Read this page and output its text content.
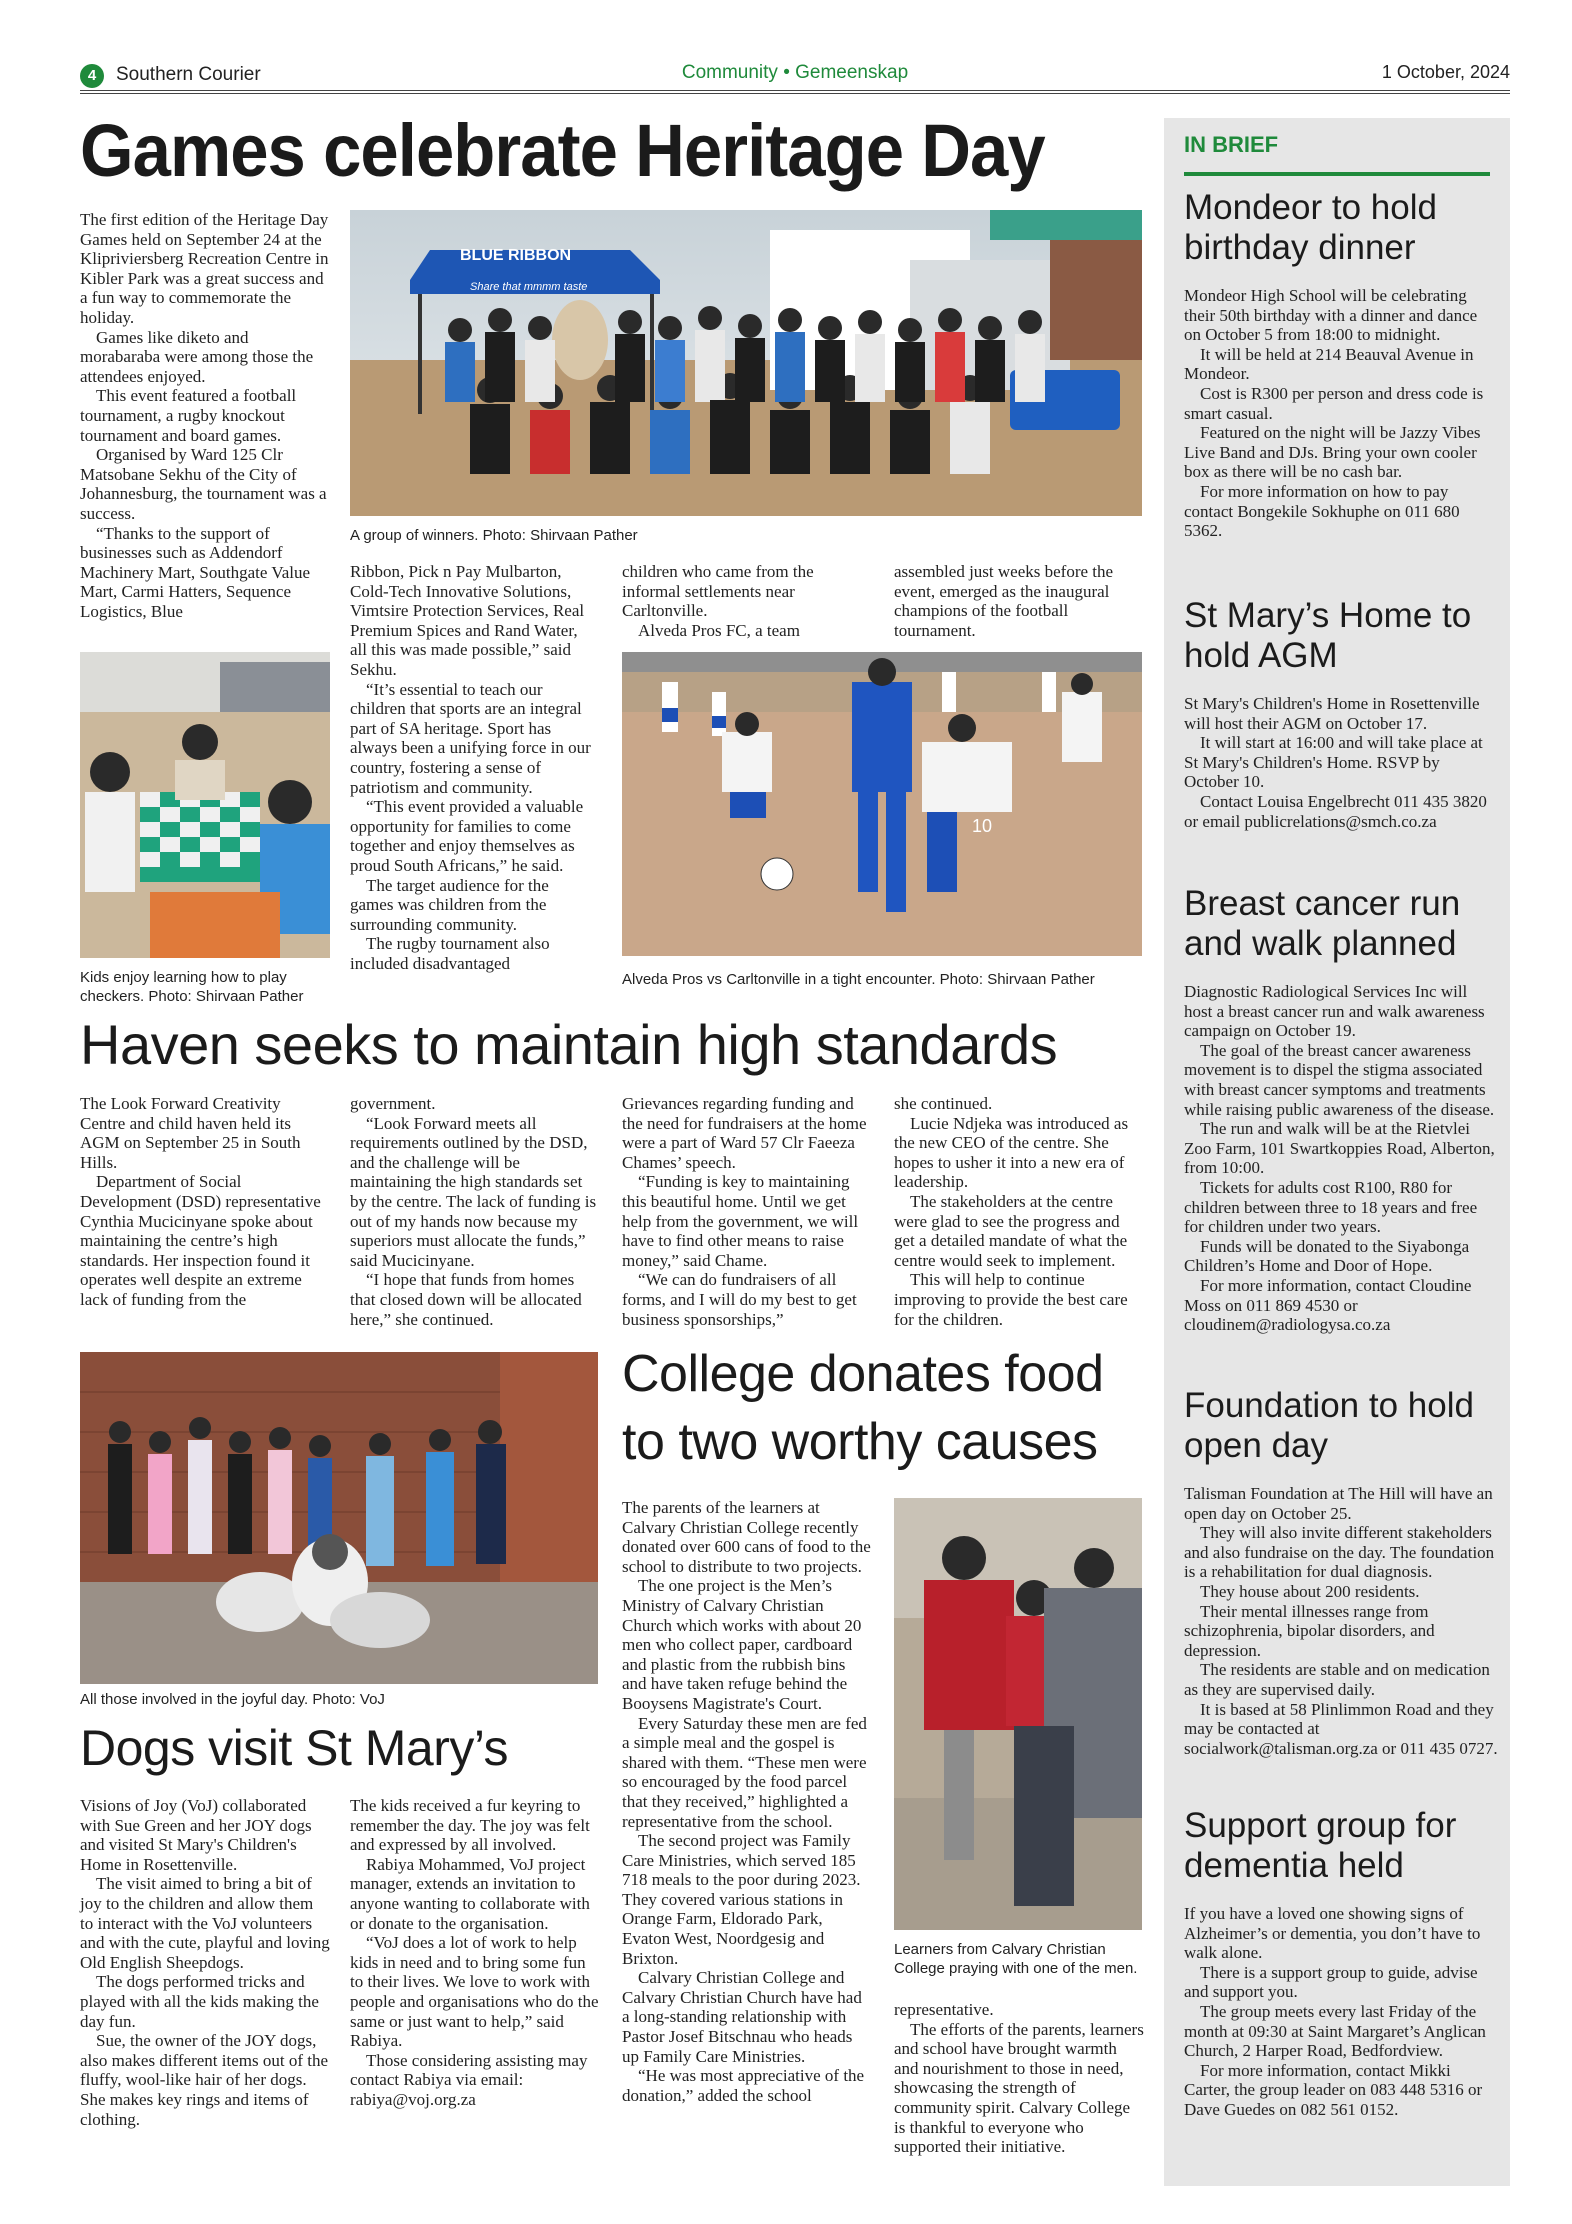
4	Southern Courier	Community • Gemeenskap	1 October, 2024
Games celebrate Heritage Day

The first edition of the Heritage Day Games held on September 24 at the Klipriviersberg Recreation Centre in Kibler Park was a great success and a fun way to commemorate the holiday.

Games like diketo and morabaraba were among those the attendees enjoyed.

This event featured a football tournament, a rugby knockout tournament and board games.

Organised by Ward 125 Clr Matsobane Sekhu of the City of Johannesburg, the tournament was a success.

“Thanks to the support of businesses such as Addendorf Machinery Mart, Southgate Value Mart, Carmi Hatters, Sequence Logistics, Blue

BLUE RIBBON
Share that mmmm taste
A group of winners. Photo: Shirvaan Pather
Kids enjoy learning how to play checkers. Photo: Shirvaan Pather

Ribbon, Pick n Pay Mulbarton, Cold-Tech Innovative Solutions, Vimtsire Protection Services, Real Premium Spices and Rand Water, all this was made possible,” said Sekhu.

“It’s essential to teach our children that sports are an integral part of SA heritage. Sport has always been a unifying force in our country, fostering a sense of patriotism and community.

“This event provided a valuable opportunity for families to come together and enjoy themselves as proud South Africans,” he said.

The target audience for the games was children from the surrounding community.

The rugby tournament also included disadvantaged

children who came from the informal settlements near Carltonville.

Alveda Pros FC, a team

assembled just weeks before the event, emerged as the inaugural champions of the football tournament.

10
Alveda Pros vs Carltonville in a tight encounter. Photo: Shirvaan Pather
Haven seeks to maintain high standards

The Look Forward Creativity Centre and child haven held its AGM on September 25 in South Hills.

Department of Social Development (DSD) representative Cynthia Mucicinyane spoke about maintaining the centre’s high standards. Her inspection found it operates well despite an extreme lack of funding from the

government.

“Look Forward meets all requirements outlined by the DSD, and the challenge will be maintaining the high standards set by the centre. The lack of funding is out of my hands now because my superiors must allocate the funds,” said Mucicinyane.

“I hope that funds from homes that closed down will be allocated here,” she continued.

Grievances regarding funding and the need for fundraisers at the home were a part of Ward 57 Clr Faeeza Chames’ speech.

“Funding is key to maintaining this beautiful home. Until we get help from the government, we will have to find other means to raise money,” said Chame.

“We can do fundraisers of all forms, and I will do my best to get business sponsorships,”

she continued.

Lucie Ndjeka was introduced as the new CEO of the centre. She hopes to usher it into a new era of leadership.

The stakeholders at the centre were glad to see the progress and get a detailed mandate of what the centre would seek to implement.

This will help to continue improving to provide the best care for the children.

All those involved in the joyful day. Photo: VoJ
Dogs visit St Mary’s

Visions of Joy (VoJ) collaborated with Sue Green and her JOY dogs and visited St Mary's Children's Home in Rosettenville.

The visit aimed to bring a bit of joy to the children and allow them to interact with the VoJ volunteers and with the cute, playful and loving Old English Sheepdogs.

The dogs performed tricks and played with all the kids making the day fun.

Sue, the owner of the JOY dogs, also makes different items out of the fluffy, wool-like hair of her dogs. She makes key rings and items of clothing.

The kids received a fur keyring to remember the day. The joy was felt and expressed by all involved.

Rabiya Mohammed, VoJ project manager, extends an invitation to anyone wanting to collaborate with or donate to the organisation.

“VoJ does a lot of work to help kids in need and to bring some fun to their lives. We love to work with people and organisations who do the same or just want to help,” said Rabiya.

Those considering assisting may contact Rabiya via email: rabiya@voj.org.za

College donates food
to two worthy causes

The parents of the learners at Calvary Christian College recently donated over 600 cans of food to the school to distribute to two projects.

The one project is the Men’s Ministry of Calvary Christian Church which works with about 20 men who collect paper, cardboard and plastic from the rubbish bins and have taken refuge behind the Booysens Magistrate's Court.

Every Saturday these men are fed a simple meal and the gospel is shared with them. “These men were so encouraged by the food parcel that they received,” highlighted a representative from the school.

The second project was Family Care Ministries, which served 185 718 meals to the poor during 2023. They covered various stations in Orange Farm, Eldorado Park, Evaton West, Noordgesig and Brixton.

Calvary Christian College and Calvary Christian Church have had a long-standing relationship with Pastor Josef Bitschnau who heads up Family Care Ministries.

“He was most appreciative of the donation,” added the school

Learners from Calvary Christian College praying with one of the men.

representative.

The efforts of the parents, learners and school have brought warmth and nourishment to those in need, showcasing the strength of community spirit. Calvary College is thankful to everyone who supported their initiative.

IN BRIEF
Mondeor to hold birthday dinner

Mondeor High School will be celebrating their 50th birthday with a dinner and dance on October 5 from 18:00 to midnight.

It will be held at 214 Beauval Avenue in Mondeor.

Cost is R300 per person and dress code is smart casual.

Featured on the night will be Jazzy Vibes Live Band and DJs. Bring your own cooler box as there will be no cash bar.

For more information on how to pay contact Bongekile Sokhuphe on 011 680 5362.

St Mary’s Home to hold AGM

St Mary's Children's Home in Rosettenville will host their AGM on October 17.

It will start at 16:00 and will take place at St Mary's Children's Home. RSVP by October 10.

Contact Louisa Engelbrecht 011 435 3820 or email publicrelations@smch.co.za

Breast cancer run and walk planned

Diagnostic Radiological Services Inc will host a breast cancer run and walk awareness campaign on October 19.

The goal of the breast cancer awareness movement is to dispel the stigma associated with breast cancer symptoms and treatments while raising public awareness of the disease.

The run and walk will be at the Rietvlei Zoo Farm, 101 Swartkoppies Road, Alberton, from 10:00.

Tickets for adults cost R100, R80 for children between three to 18 years and free for children under two years.

Funds will be donated to the Siyabonga Children’s Home and Door of Hope.

For more information, contact Cloudine Moss on 011 869 4530 or cloudinem@radiologysa.co.za

Foundation to hold open day

Talisman Foundation at The Hill will have an open day on October 25.

They will also invite different stakeholders and also fundraise on the day. The foundation is a rehabilitation for dual diagnosis.

They house about 200 residents.

Their mental illnesses range from schizophrenia, bipolar disorders, and depression.

The residents are stable and on medication as they are supervised daily.

It is based at 58 Plinlimmon Road and they may be contacted at socialwork@talisman.org.za or 011 435 0727.

Support group for dementia held

If you have a loved one showing signs of Alzheimer’s or dementia, you don’t have to walk alone.

There is a support group to guide, advise and support you.

The group meets every last Friday of the month at 09:30 at Saint Margaret’s Anglican Church, 2 Harper Road, Bedfordview.

For more information, contact Mikki Carter, the group leader on 083 448 5316 or Dave Guedes on 082 561 0152.
